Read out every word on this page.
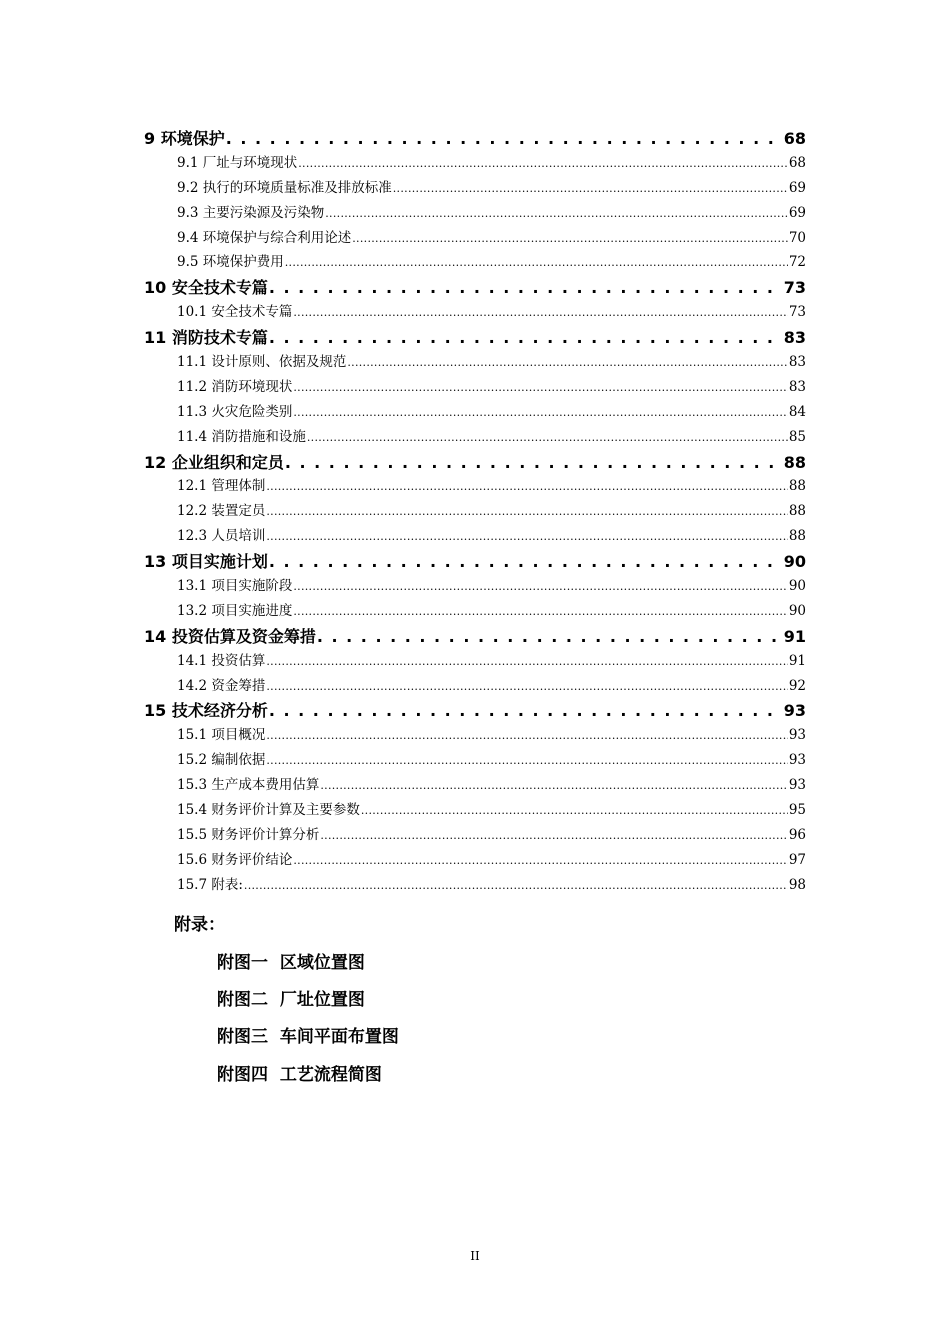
9 环境保护 . . .	68
9.1 厂址与环境现状 .....	68
9.2 执行的环境质量标准及排放标准 .....	69
9.3 主要污染源及污染物 .....	69
9.4 环境保护与综合利用论述 .....	70
9.5 环境保护费用 .....	72
10 安全技术专篇 . . .	73
10.1 安全技术专篇 .....	73
11 消防技术专篇 . . .	83
11.1 设计原则、依据及规范 .....	83
11.2 消防环境现状 .....	83
11.3 火灾危险类别 .....	84
11.4 消防措施和设施 .....	85
12 企业组织和定员 . . .	88
12.1 管理体制 .....	88
12.2 装置定员 .....	88
12.3 人员培训 .....	88
13 项目实施计划 . . .	90
13.1 项目实施阶段 .....	90
13.2 项目实施进度 .....	90
14 投资估算及资金筹措 . . .	91
14.1 投资估算 .....	91
14.2 资金筹措 .....	92
15 技术经济分析 . . .	93
15.1 项目概况 .....	93
15.2 编制依据 .....	93
15.3 生产成本费用估算 .....	93
15.4 财务评价计算及主要参数 .....	95
15.5 财务评价计算分析 .....	96
15.6 财务评价结论 .....	97
15.7 附表: .....	98
附录：
附图一  区域位置图
附图二  厂址位置图
附图三  车间平面布置图
附图四  工艺流程简图
II
